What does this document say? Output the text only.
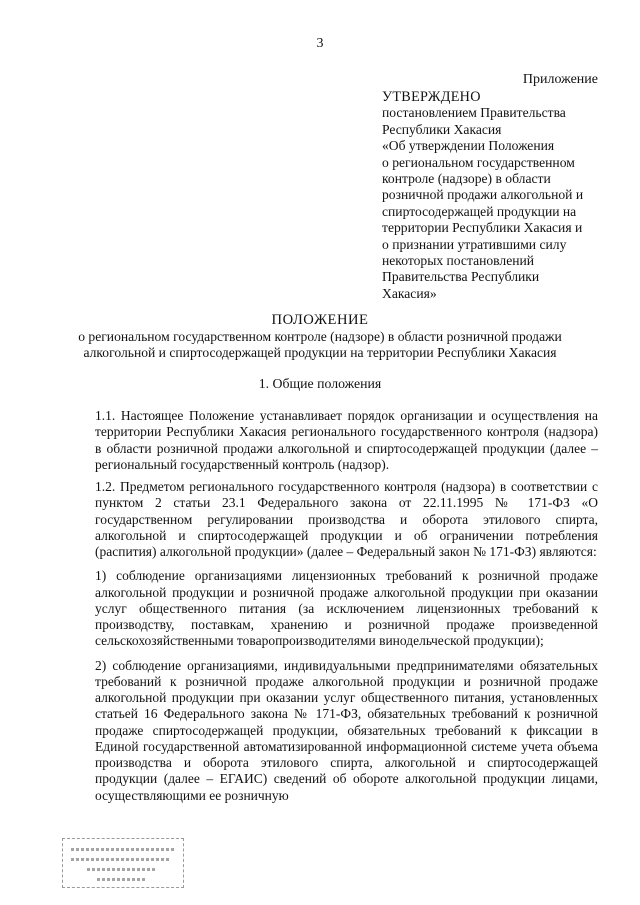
3
Приложение
УТВЕРЖДЕНО
постановлением Правительства
Республики Хакасия
«Об утверждении Положения
о региональном государственном
контроле (надзоре) в области
розничной продажи алкогольной и
спиртосодержащей продукции на
территории Республики Хакасия и
о признании утратившими силу
некоторых постановлений
Правительства Республики
Хакасия»
ПОЛОЖЕНИЕ
о региональном государственном контроле (надзоре) в области розничной продажи
алкогольной и спиртосодержащей продукции на территории Республики Хакасия
1. Общие положения

1.1. Настоящее Положение устанавливает порядок организации и осуществления на территории Республики Хакасия регионального государственного контроля (надзора) в области розничной продажи алкогольной и спиртосодержащей продукции (далее – региональный государственный контроль (надзор).

1.2. Предметом регионального государственного контроля (надзора) в соответствии с пунктом 2 статьи 23.1 Федерального закона от 22.11.1995 № 171-ФЗ «О государственном регулировании производства и оборота этилового спирта, алкогольной и спиртосодержащей продукции и об ограничении потребления (распития) алкогольной продукции» (далее – Федеральный закон № 171-ФЗ) являются:

1) соблюдение организациями лицензионных требований к розничной продаже алкогольной продукции и розничной продаже алкогольной продукции при оказании услуг общественного питания (за исключением лицензионных требований к производству, поставкам, хранению и розничной продаже произведенной сельскохозяйственными товаропроизводителями винодельческой продукции);

2) соблюдение организациями, индивидуальными предпринимателями обязательных требований к розничной продаже алкогольной продукции и розничной продаже алкогольной продукции при оказании услуг общественного питания, установленных статьей 16 Федерального закона № 171-ФЗ, обязательных требований к розничной продаже спиртосодержащей продукции, обязательных требований к фиксации в Единой государственной автоматизированной информационной системе учета объема производства и оборота этилового спирта, алкогольной и спиртосодержащей продукции (далее – ЕГАИС) сведений об обороте алкогольной продукции лицами, осуществляющими ее розничную
